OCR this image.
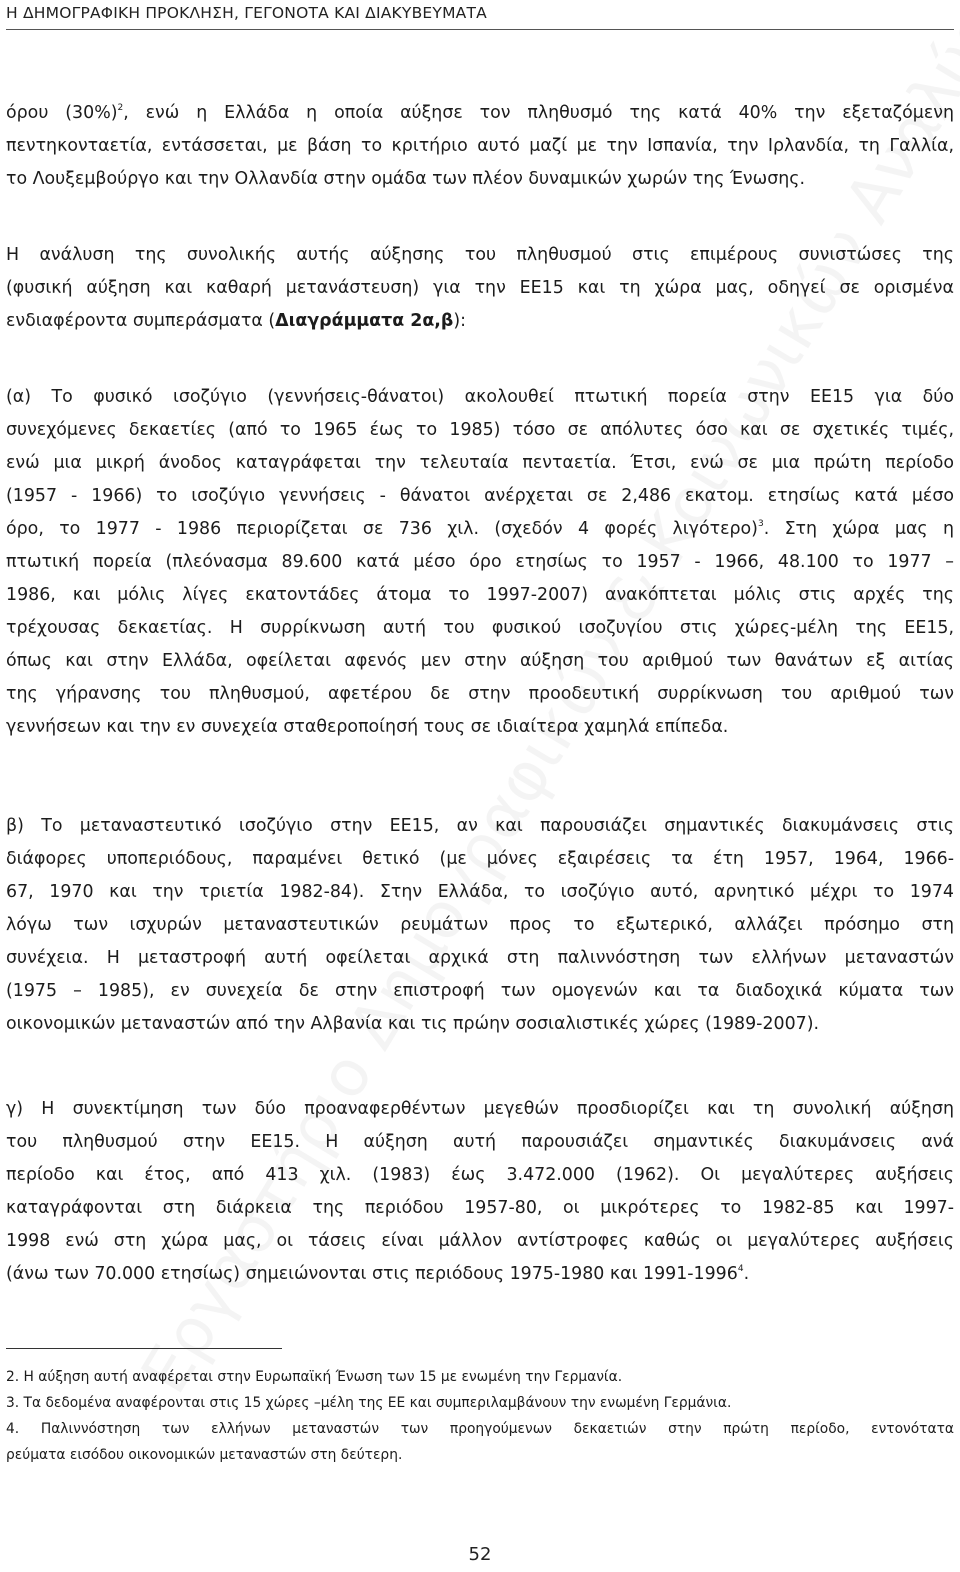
Η ΔΗΜΟΓΡΑΦΙΚΗ ΠΡΟΚΛΗΣΗ, ΓΕΓΟΝΟΤΑ ΚΑΙ ΔΙΑΚΥΒΕΥΜΑΤΑ

όρου $(30\%)^2$, ενώ η Ελλάδα η οποία αύξησε τον πληθυσμό της κατά 40% την εξεταζόμενη
πεντηκονταετία, εντάσσεται, με βάση το κριτήριο αυτό μαζί με την Ισπανία, την Ιρλανδία, τη Γαλλία,
το Λουξεμβούργο και την Ολλανδία στην ομάδα των πλέον δυναμικών χωρών της Ένωσης.

Η ανάλυση της συνολικής αυτής αύξησης του πληθυσμού στις επιμέρους συνιστώσες της
(φυσική αύξηση και καθαρή μετανάστευση) για την ΕΕ15 και τη χώρα μας, οδηγεί σε ορισμένα
ενδιαφέροντα συμπεράσματα (Διαγράμματα 2α,β):

(α) Το φυσικό ισοζύγιο (γεννήσεις-θάνατοι) ακολουθεί πτωτική πορεία στην ΕΕ15 για δύο
συνεχόμενες δεκαετίες (από το 1965 έως το 1985) τόσο σε απόλυτες όσο και σε σχετικές τιμές,
ενώ μια μικρή άνοδος καταγράφεται την τελευταία πενταετία. Έτσι, ενώ σε μια πρώτη περίοδο
(1957 - 1966) το ισοζύγιο γεννήσεις - θάνατοι ανέρχεται σε 2,486 εκατομ. ετησίως κατά μέσο
όρο, το 1977 - 1986 περιορίζεται σε 736 χιλ. (σχεδόν 4 φορές λιγότερο)$^3$. Στη χώρα μας η
πτωτική πορεία (πλεόνασμα 89.600 κατά μέσο όρο ετησίως το 1957 - 1966, 48.100 το 1977 –
1986, και μόλις λίγες εκατοντάδες άτομα το 1997-2007) ανακόπτεται μόλις στις αρχές της
τρέχουσας δεκαετίας. Η συρρίκνωση αυτή του φυσικού ισοζυγίου στις χώρες-μέλη της ΕΕ15,
όπως και στην Ελλάδα, οφείλεται αφενός μεν στην αύξηση του αριθμού των θανάτων εξ αιτίας
της γήρανσης του πληθυσμού, αφετέρου δε στην προοδευτική συρρίκνωση του αριθμού των
γεννήσεων και την εν συνεχεία σταθεροποίησή τους σε ιδιαίτερα χαμηλά επίπεδα.

β) Το μεταναστευτικό ισοζύγιο στην ΕΕ15, αν και παρουσιάζει σημαντικές διακυμάνσεις στις
διάφορες υποπεριόδους, παραμένει θετικό (με μόνες εξαιρέσεις τα έτη 1957, 1964, 1966-
67, 1970 και την τριετία 1982-84). Στην Ελλάδα, το ισοζύγιο αυτό, αρνητικό μέχρι το 1974
λόγω των ισχυρών μεταναστευτικών ρευμάτων προς το εξωτερικό, αλλάζει πρόσημο στη
συνέχεια. Η μεταστροφή αυτή οφείλεται αρχικά στη παλιννόστηση των ελλήνων μεταναστών
(1975 – 1985), εν συνεχεία δε στην επιστροφή των ομογενών και τα διαδοχικά κύματα των
οικονομικών μεταναστών από την Αλβανία και τις πρώην σοσιαλιστικές χώρες (1989-2007).

γ) Η συνεκτίμηση των δύο προαναφερθέντων μεγεθών προσδιορίζει και τη συνολική αύξηση
του πληθυσμού στην ΕΕ15. Η αύξηση αυτή παρουσιάζει σημαντικές διακυμάνσεις ανά
περίοδο και έτος, από 413 χιλ. (1983) έως 3.472.000 (1962). Οι μεγαλύτερες αυξήσεις
καταγράφονται στη διάρκεια της περιόδου 1957-80, οι μικρότερες το 1982-85 και 1997-
1998 ενώ στη χώρα μας, οι τάσεις είναι μάλλον αντίστροφες καθώς οι μεγαλύτερες αυξήσεις
(άνω των 70.000 ετησίως) σημειώνονται στις περιόδους 1975-1980 και 1991-1996$^4$.

2. Η αύξηση αυτή αναφέρεται στην Ευρωπαϊκή Ένωση των 15 με ενωμένη την Γερμανία.
3. Τα δεδομένα αναφέρονται στις 15 χώρες –μέλη της ΕΕ και συμπεριλαμβάνουν την ενωμένη Γερμάνια.
4. Παλιννόστηση των ελλήνων μεταναστών των προηγούμενων δεκαετιών στην πρώτη περίοδο, εντονότατα
ρεύματα εισόδου οικονομικών μεταναστών στη δεύτερη.
52
